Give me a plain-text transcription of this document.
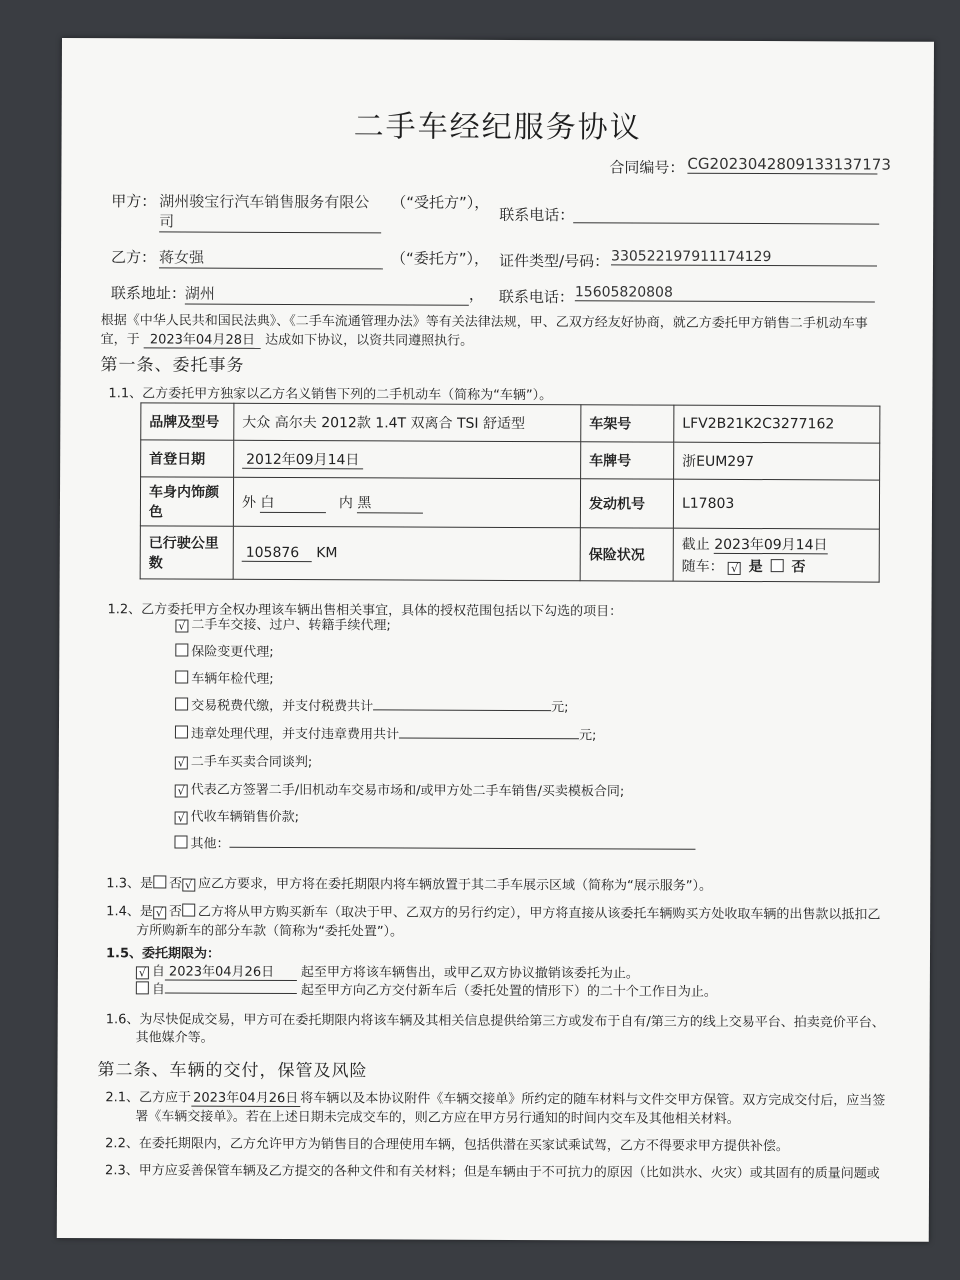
二手车经纪服务协议
合同编号： CG2023042809133137173
甲方： 湖州骏宝行汽车销售服务有限公
司
（“受托方”），
联系电话：
乙方： 蒋女强	（“委托方”）， 证件类型/号码： 330522197911174129
联系地址：
湖州	， 联系电话： 15605820808
根据《中华人民共和国民法典》、《二手车流通管理办法》等有关法律法规，甲、乙双方经友好协商，就乙方委托甲方销售二手机动车事
宜，于 2023年04月28日 达成如下协议，以资共同遵照执行。
第一条、委托事务
1.1、乙方委托甲方独家以乙方名义销售下列的二手机动车（简称为“车辆”）。
品牌及型号	大众 高尔夫 2012款 1.4T 双离合 TSI 舒适型	车架号	LFV2B21K2C3277162
首登日期	2012年09月14日	车牌号	浙EUM297
车身内饰颜色	外 白 内 黑	发动机号	L17803
已行驶公里数	105876 KM	保险状况	截止 2023年09月14日
随车： √ 是 否
1.2、乙方委托甲方全权办理该车辆出售相关事宜，具体的授权范围包括以下勾选的项目：
√ 二手车交接、过户、转籍手续代理;
保险变更代理;
车辆年检代理;
交易税费代缴，并支付税费共计	元;
违章处理代理，并支付违章费用共计	元;
√ 二手车买卖合同谈判;
√ 代表乙方签署二手/旧机动车交易市场和/或甲方处二手车销售/买卖模板合同;
√ 代收车辆销售价款;
其他：
1.3、是 否 √ 应乙方要求，甲方将在委托期限内将车辆放置于其二手车展示区域（简称为“展示服务”）。
1.4、是 √ 否 乙方将从甲方购买新车（取决于甲、乙双方的另行约定），甲方将直接从该委托车辆购买方处收取车辆的出售款以抵扣乙
方所购新车的部分车款（简称为“委托处置”）。
1.5、委托期限为：
√ 自 2023年04月26日 起至甲方将该车辆售出，或甲乙双方协议撤销该委托为止。
自	起至甲方向乙方交付新车后（委托处置的情形下）的二十个工作日为止。
1.6、为尽快促成交易，甲方可在委托期限内将该车辆及其相关信息提供给第三方或发布于自有/第三方的线上交易平台、拍卖竞价平台、
其他媒介等。
第二条、车辆的交付，保管及风险
2.1、乙方应于 2023年04月26日 将车辆以及本协议附件《车辆交接单》所约定的随车材料与文件交甲方保管。双方完成交付后，应当签
署《车辆交接单》。若在上述日期未完成交车的，则乙方应在甲方另行通知的时间内交车及其他相关材料。
2.2、在委托期限内，乙方允许甲方为销售目的合理使用车辆，包括供潜在买家试乘试驾，乙方不得要求甲方提供补偿。
2.3、甲方应妥善保管车辆及乙方提交的各种文件和有关材料；但是车辆由于不可抗力的原因（比如洪水、火灾）或其固有的质量问题或
